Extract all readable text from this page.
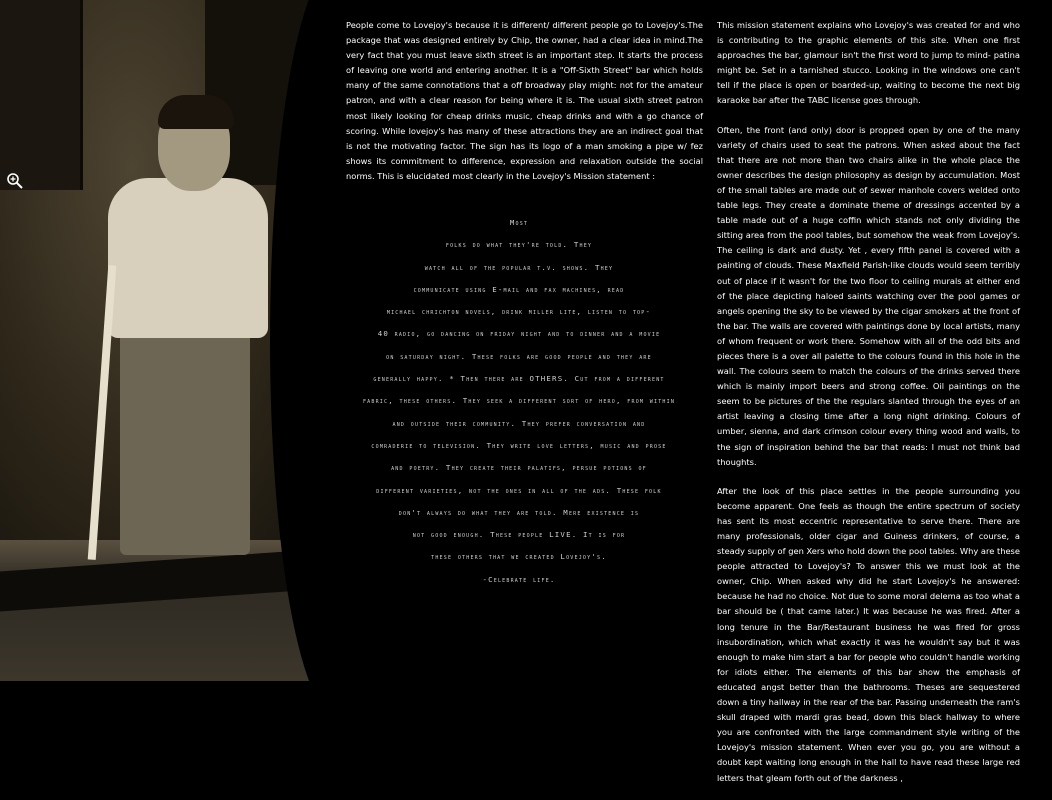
People come to Lovejoy's because it is different/ different people go to Lovejoy's.The package that was designed entirely by Chip, the owner, had a clear idea in mind.The very fact that you must leave sixth street is an important step. It starts the process of leaving one world and entering another. It is a "Off-Sixth Street" bar which holds many of the same connotations that a off broadway play might: not for the amateur patron, and with a clear reason for being where it is. The usual sixth street patron most likely looking for cheap drinks music, cheap drinks and with a go chance of scoring. While lovejoy's has many of these attractions they are an indirect goal that is not the motivating factor. The sign has its logo of a man smoking a pipe w/ fez shows its commitment to difference, expression and relaxation outside the social norms. This is elucidated most clearly in the Lovejoy's Mission statement :

Most
folks do what they're told. They
watch all of the popular t.v. shows. They
communicate using E-mail and fax machines, read
michael chrichton novels, drink miller lite, listen to top-
40 radio, go dancing on friday night and to dinner and a movie
on saturday night. These folks are good people and they are
generally happy. * Then there are OTHERS. Cut from a different
fabric, these others. They seek a different sort of hero, from within
and outside their community. They prefer conversation and
comraderie to television. They write love letters, music and prose
and poetry. They create their palatifs, persue potions of
different varieties, not the ones in all of the ads. These folk
don't always do what they are told. Mere existence is
not good enough. These people LIVE. It is for
these others that we created Lovejoy's.
-Celebrate life.

This mission statement explains who Lovejoy's was created for and who is contributing to the graphic elements of this site. When one first approaches the bar, glamour isn't the first word to jump to mind- patina might be. Set in a tarnished stucco. Looking in the windows one can't tell if the place is open or boarded-up, waiting to become the next big karaoke bar after the TABC license goes through.

Often, the front (and only) door is propped open by one of the many variety of chairs used to seat the patrons. When asked about the fact that there are not more than two chairs alike in the whole place the owner describes the design philosophy as design by accumulation. Most of the small tables are made out of sewer manhole covers welded onto table legs. They create a dominate theme of dressings accented by a table made out of a huge coffin which stands not only dividing the sitting area from the pool tables, but somehow the weak from Lovejoy's. The ceiling is dark and dusty. Yet , every fifth panel is covered with a painting of clouds. These Maxfield Parish-like clouds would seem terribly out of place if it wasn't for the two floor to ceiling murals at either end of the place depicting haloed saints watching over the pool games or angels opening the sky to be viewed by the cigar smokers at the front of the bar. The walls are covered with paintings done by local artists, many of whom frequent or work there. Somehow with all of the odd bits and pieces there is a over all palette to the colours found in this hole in the wall. The colours seem to match the colours of the drinks served there which is mainly import beers and strong coffee. Oil paintings on the seem to be pictures of the the regulars slanted through the eyes of an artist leaving a closing time after a long night drinking. Colours of umber, sienna, and dark crimson colour every thing wood and walls, to the sign of inspiration behind the bar that reads: I must not think bad thoughts.

After the look of this place settles in the people surrounding you become apparent. One feels as though the entire spectrum of society has sent its most eccentric representative to serve there. There are many professionals, older cigar and Guiness drinkers, of course, a steady supply of gen Xers who hold down the pool tables. Why are these people attracted to Lovejoy's? To answer this we must look at the owner, Chip. When asked why did he start Lovejoy's he answered: because he had no choice. Not due to some moral delema as too what a bar should be ( that came later.) It was because he was fired. After a long tenure in the Bar/Restaurant business he was fired for gross insubordination, which what exactly it was he wouldn't say but it was enough to make him start a bar for people who couldn't handle working for idiots either. The elements of this bar show the emphasis of educated angst better than the bathrooms. Theses are sequestered down a tiny hallway in the rear of the bar. Passing underneath the ram's skull draped with mardi gras bead, down this black hallway to where you are confronted with the large commandment style writing of the Lovejoy's mission statement. When ever you go, you are without a doubt kept waiting long enough in the hall to have read these large red letters that gleam forth out of the darkness ,
